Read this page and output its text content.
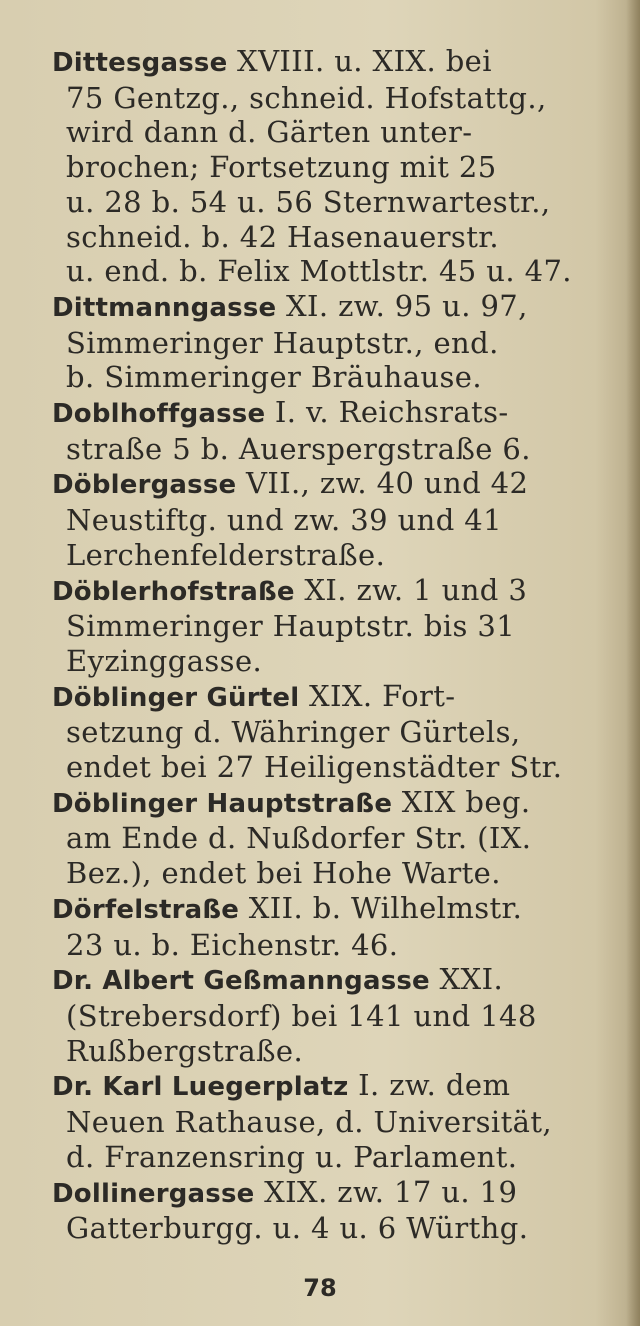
Dittesgasse XVIII. u. XIX. bei
75 Gentzg., schneid. Hofstattg.,
wird dann d. Gärten unter-
brochen; Fortsetzung mit 25
u. 28 b. 54 u. 56 Sternwartestr.,
schneid. b. 42 Hasenauerstr.
u. end. b. Felix Mottlstr. 45 u. 47.
Dittmanngasse XI. zw. 95 u. 97,
Simmeringer Hauptstr., end.
b. Simmeringer Bräuhause.
Doblhoffgasse I. v. Reichsrats-
straße 5 b. Auerspergstraße 6.
Döblergasse VII., zw. 40 und 42
Neustiftg. und zw. 39 und 41
Lerchenfelderstraße.
Döblerhofstraße XI. zw. 1 und 3
Simmeringer Hauptstr. bis 31
Eyzinggasse.
Döblinger Gürtel XIX. Fort-
setzung d. Währinger Gürtels,
endet bei 27 Heiligenstädter Str.
Döblinger Hauptstraße XIX beg.
am Ende d. Nußdorfer Str. (IX.
Bez.), endet bei Hohe Warte.
Dörfelstraße XII. b. Wilhelmstr.
23 u. b. Eichenstr. 46.
Dr. Albert Geßmanngasse XXI.
(Strebersdorf) bei 141 und 148
Rußbergstraße.
Dr. Karl Luegerplatz I. zw. dem
Neuen Rathause, d. Universität,
d. Franzensring u. Parlament.
Dollinergasse XIX. zw. 17 u. 19
Gatterburgg. u. 4 u. 6 Würthg.
78
